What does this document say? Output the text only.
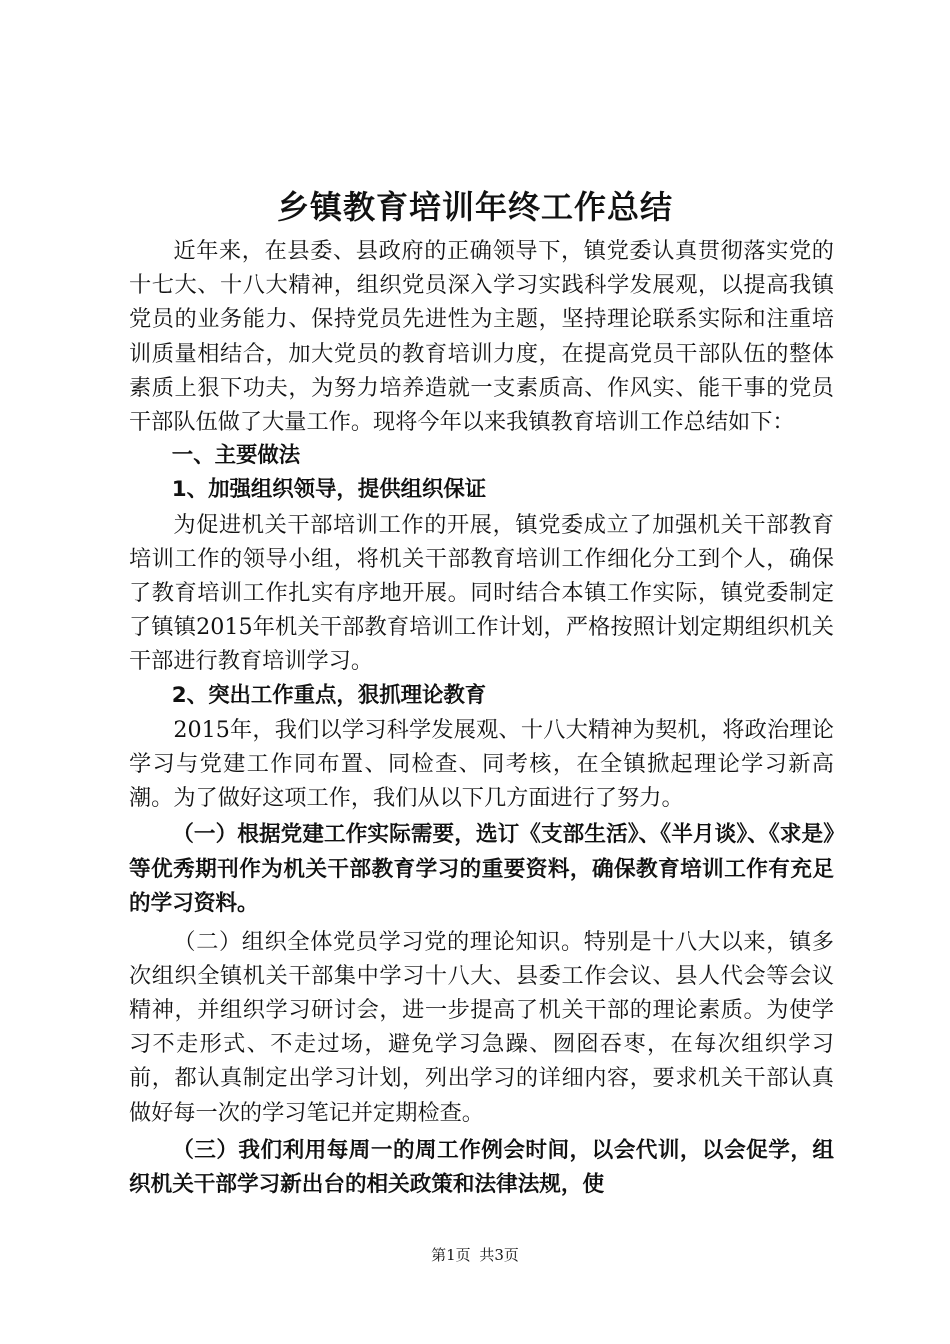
乡镇教育培训年终工作总结

近年来，在县委、县政府的正确领导下，镇党委认真贯彻落实党的十七大、十八大精神，组织党员深入学习实践科学发展观，以提高我镇党员的业务能力、保持党员先进性为主题，坚持理论联系实际和注重培训质量相结合，加大党员的教育培训力度，在提高党员干部队伍的整体素质上狠下功夫，为努力培养造就一支素质高、作风实、能干事的党员干部队伍做了大量工作。现将今年以来我镇教育培训工作总结如下：

一、主要做法

1、加强组织领导，提供组织保证

为促进机关干部培训工作的开展，镇党委成立了加强机关干部教育培训工作的领导小组，将机关干部教育培训工作细化分工到个人，确保了教育培训工作扎实有序地开展。同时结合本镇工作实际，镇党委制定了镇镇2015年机关干部教育培训工作计划，严格按照计划定期组织机关干部进行教育培训学习。

2、突出工作重点，狠抓理论教育

2015年，我们以学习科学发展观、十八大精神为契机，将政治理论学习与党建工作同布置、同检查、同考核，在全镇掀起理论学习新高潮。为了做好这项工作，我们从以下几方面进行了努力。

（一）根据党建工作实际需要，选订《支部生活》、《半月谈》、《求是》等优秀期刊作为机关干部教育学习的重要资料，确保教育培训工作有充足的学习资料。

（二）组织全体党员学习党的理论知识。特别是十八大以来，镇多次组织全镇机关干部集中学习十八大、县委工作会议、县人代会等会议精神，并组织学习研讨会，进一步提高了机关干部的理论素质。为使学习不走形式、不走过场，避免学习急躁、囫囵吞枣，在每次组织学习前，都认真制定出学习计划，列出学习的详细内容，要求机关干部认真做好每一次的学习笔记并定期检查。

（三）我们利用每周一的周工作例会时间，以会代训，以会促学，组织机关干部学习新出台的相关政策和法律法规，使

第1页 共3页
